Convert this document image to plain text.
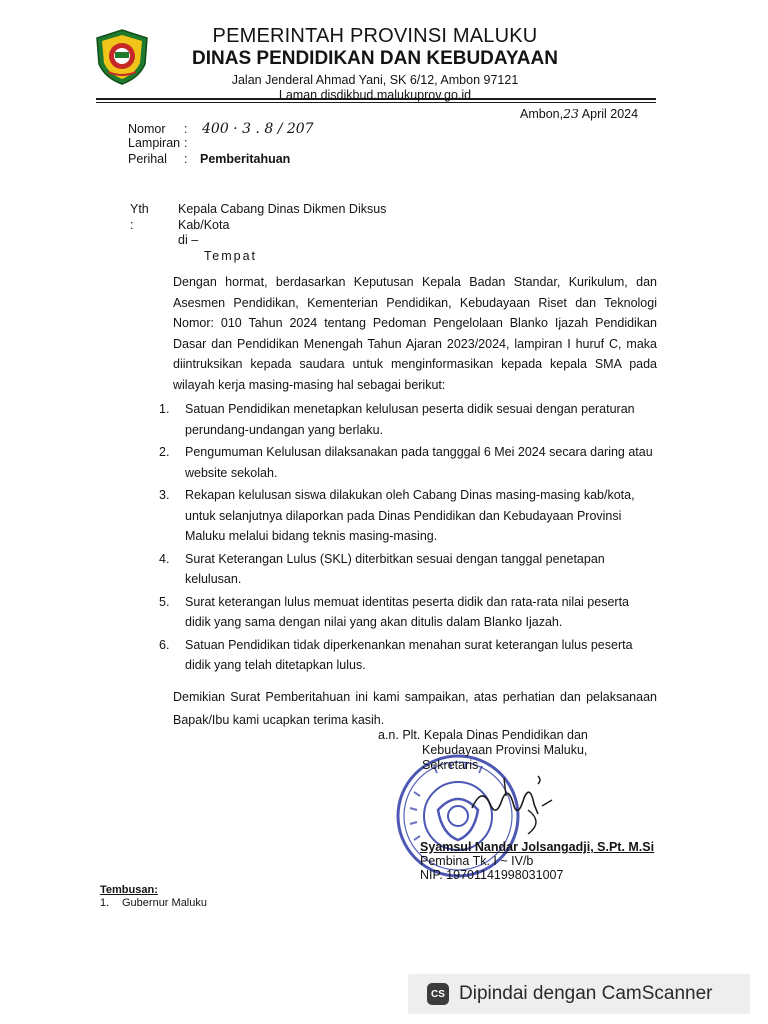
PEMERINTAH PROVINSI MALUKU
DINAS PENDIDIKAN DAN KEBUDAYAAN
Jalan Jenderal Ahmad Yani, SK 6/12, Ambon 97121
Laman disdikbud.malukuprov.go.id
Ambon,23 April 2024
Nomor	:	400 · 3 . 8 / 207
Lampiran :
Perihal	:	Pemberitahuan
Yth :
Kepala Cabang Dinas Dikmen Diksus
Kab/Kota
di –
Tempat

Dengan hormat, berdasarkan Keputusan Kepala Badan Standar, Kurikulum, dan Asesmen Pendidikan, Kementerian Pendidikan, Kebudayaan Riset dan Teknologi Nomor: 010 Tahun 2024 tentang Pedoman Pengelolaan Blanko Ijazah Pendidikan Dasar dan Pendidikan Menengah Tahun Ajaran 2023/2024, lampiran I huruf C, maka diintruksikan kepada saudara untuk menginformasikan kepada kepala SMA pada wilayah kerja masing-masing hal sebagai berikut:

1.	Satuan Pendidikan menetapkan kelulusan peserta didik sesuai dengan peraturan perundang-undangan yang berlaku.
2.	Pengumuman Kelulusan dilaksanakan pada tangggal 6 Mei 2024 secara daring atau website sekolah.
3.	Rekapan kelulusan siswa dilakukan oleh Cabang Dinas masing-masing kab/kota, untuk selanjutnya dilaporkan pada Dinas Pendidikan dan Kebudayaan Provinsi Maluku melalui bidang teknis masing-masing.
4.	Surat Keterangan Lulus (SKL) diterbitkan sesuai dengan tanggal penetapan kelulusan.
5.	Surat keterangan lulus memuat identitas peserta didik dan rata-rata nilai peserta didik yang sama dengan nilai yang akan ditulis dalam Blanko Ijazah.
6.	Satuan Pendidikan tidak diperkenankan menahan surat keterangan lulus peserta didik yang telah ditetapkan lulus.

Demikian Surat Pemberitahuan ini kami sampaikan, atas perhatian dan pelaksanaan Bapak/Ibu kami ucapkan terima kasih.

a.n. Plt. Kepala Dinas Pendidikan dan
Kebudayaan Provinsi Maluku,
Sekretaris
Syamsul Nandar Jolsangadji, S.Pt. M.Si
Pembina Tk. I ~ IV/b
NIP. 19701141998031007
Tembusan:
1.	Gubernur Maluku
CS Dipindai dengan CamScanner
